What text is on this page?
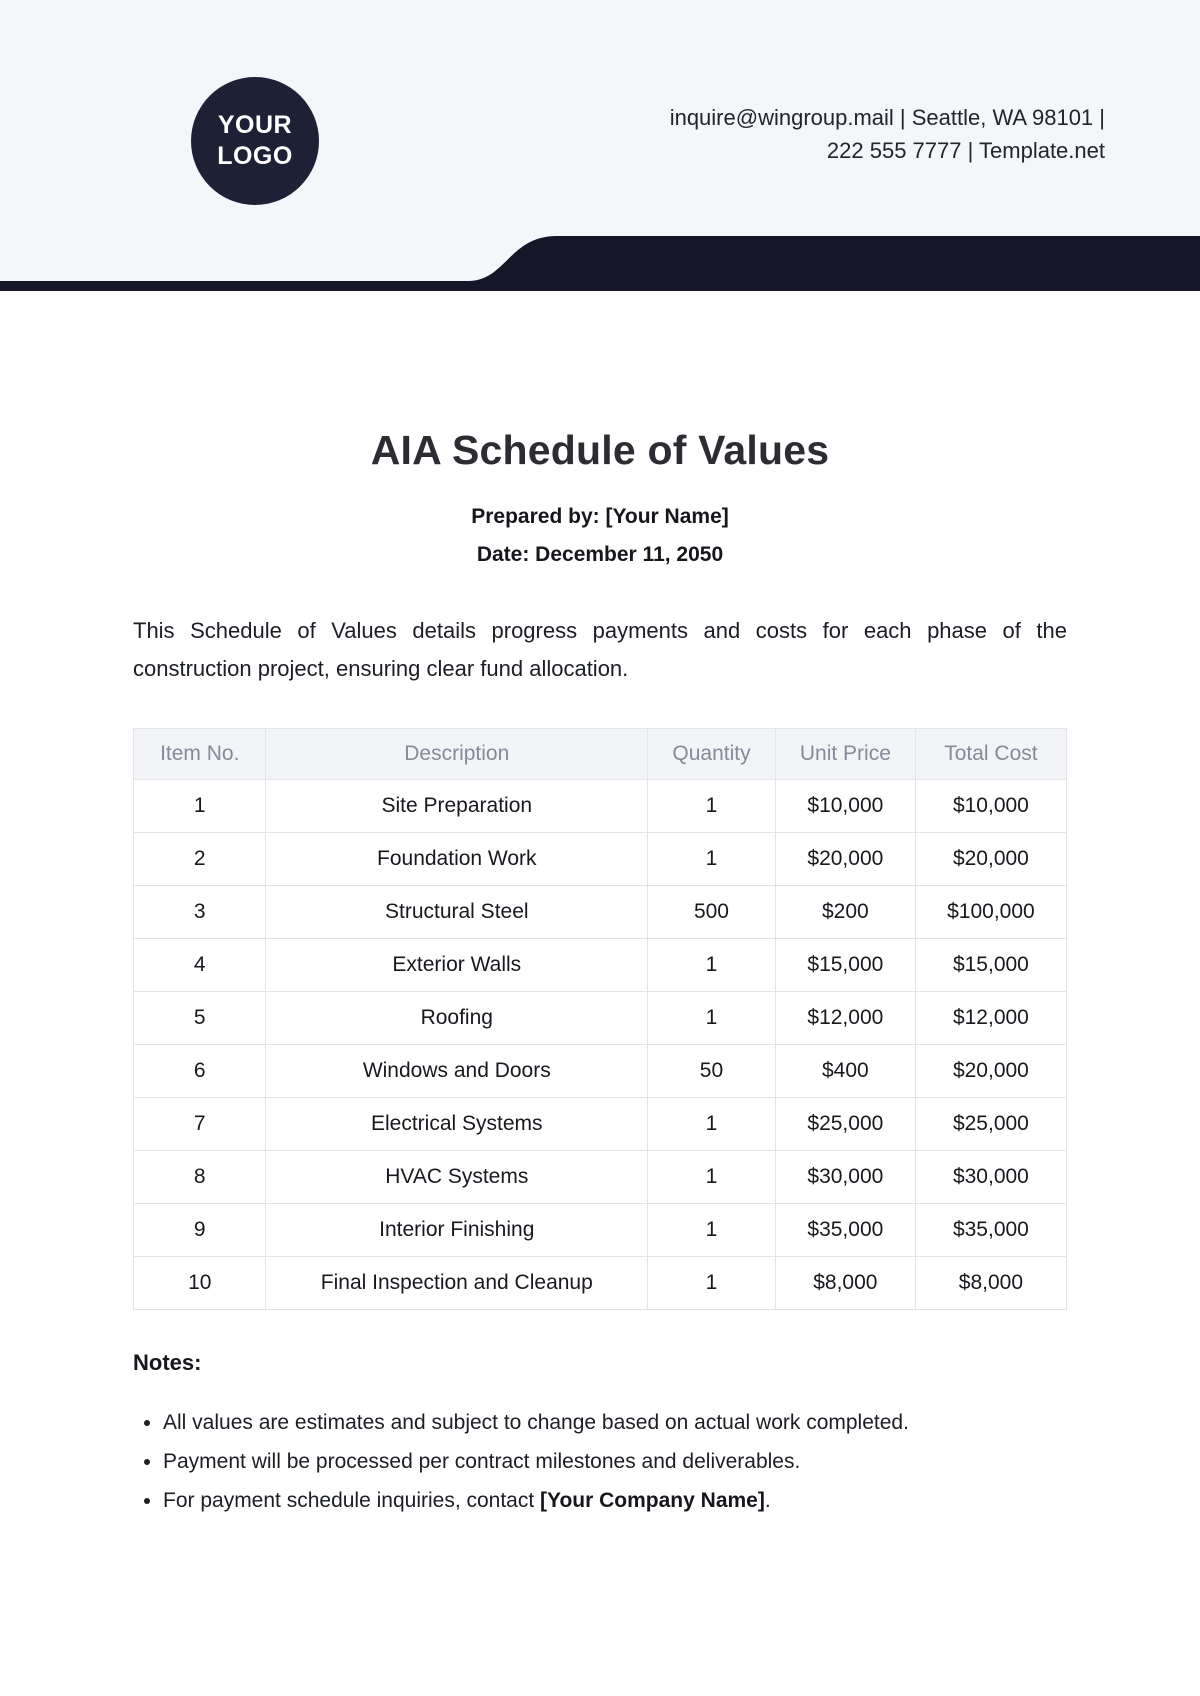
YOUR
LOGO
inquire@wingroup.mail | Seattle, WA 98101 |
222 555 7777 | Template.net
AIA Schedule of Values

Prepared by: [Your Name]

Date: December 11, 2050

This Schedule of Values details progress payments and costs for each phase of the construction project, ensuring clear fund allocation.

Item No.	Description	Quantity	Unit Price	Total Cost
1	Site Preparation	1	$10,000	$10,000
2	Foundation Work	1	$20,000	$20,000
3	Structural Steel	500	$200	$100,000
4	Exterior Walls	1	$15,000	$15,000
5	Roofing	1	$12,000	$12,000
6	Windows and Doors	50	$400	$20,000
7	Electrical Systems	1	$25,000	$25,000
8	HVAC Systems	1	$30,000	$30,000
9	Interior Finishing	1	$35,000	$35,000
10	Final Inspection and Cleanup	1	$8,000	$8,000
Notes:
• All values are estimates and subject to change based on actual work completed.
• Payment will be processed per contract milestones and deliverables.
• For payment schedule inquiries, contact [Your Company Name].
